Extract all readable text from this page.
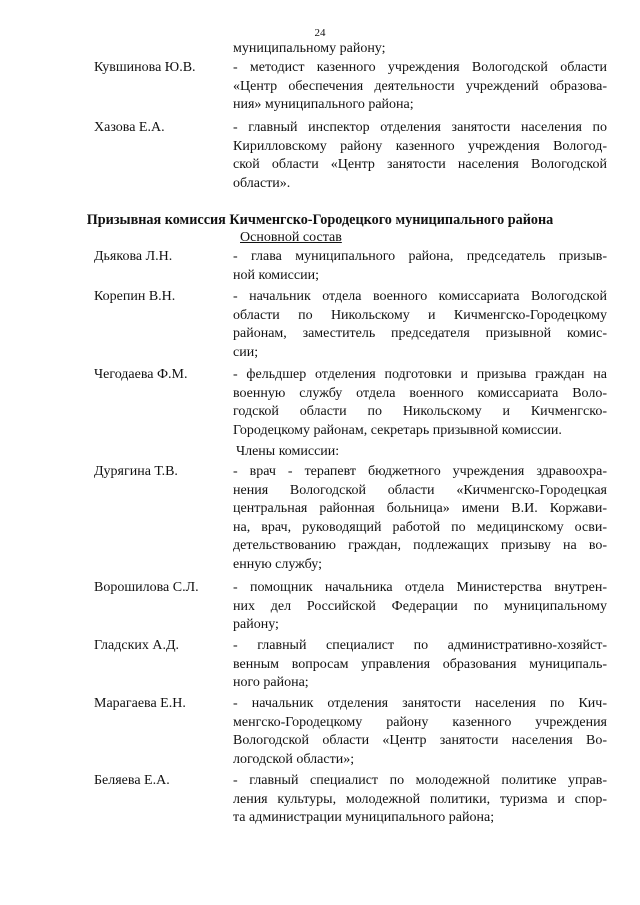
24
муниципальному району;
Кувшинова Ю.В.	- методист казенного учреждения Вологодской области
«Центр обеспечения деятельности учреждений образова-
ния» муниципального района;
Хазова Е.А.	- главный инспектор отделения занятости населения по
Кирилловскому району казенного учреждения Вологод-
ской области «Центр занятости населения Вологодской
области».
Призывная комиссия Кичменгско-Городецкого муниципального района
Основной состав
Дьякова Л.Н.	- глава муниципального района, председатель призыв-
ной комиссии;
Корепин В.Н.	- начальник отдела военного комиссариата Вологодской
области по Никольскому и Кичменгско-Городецкому
районам, заместитель председателя призывной комис-
сии;
Чегодаева Ф.М.	- фельдшер отделения подготовки и призыва граждан на
военную службу отдела военного комиссариата Воло-
годской области по Никольскому и Кичменгско-
Городецкому районам, секретарь призывной комиссии.
Члены комиссии:
Дурягина Т.В.	- врач - терапевт бюджетного учреждения здравоохра-
нения Вологодской области «Кичменгско-Городецкая
центральная районная больница» имени В.И. Коржави-
на, врач, руководящий работой по медицинскому осви-
детельствованию граждан, подлежащих призыву на во-
енную службу;
Ворошилова С.Л. - помощник начальника отдела Министерства внутрен-
них дел Российской Федерации по муниципальному
району;
Гладских А.Д.	- главный специалист по административно-хозяйст-
венным вопросам управления образования муниципаль-
ного района;
Марагаева Е.Н.	- начальник отделения занятости населения по Кич-
менгско-Городецкому району казенного учреждения
Вологодской области «Центр занятости населения Во-
логодской области»;
Беляева Е.А.	- главный специалист по молодежной политике управ-
ления культуры, молодежной политики, туризма и спор-
та администрации муниципального района;
